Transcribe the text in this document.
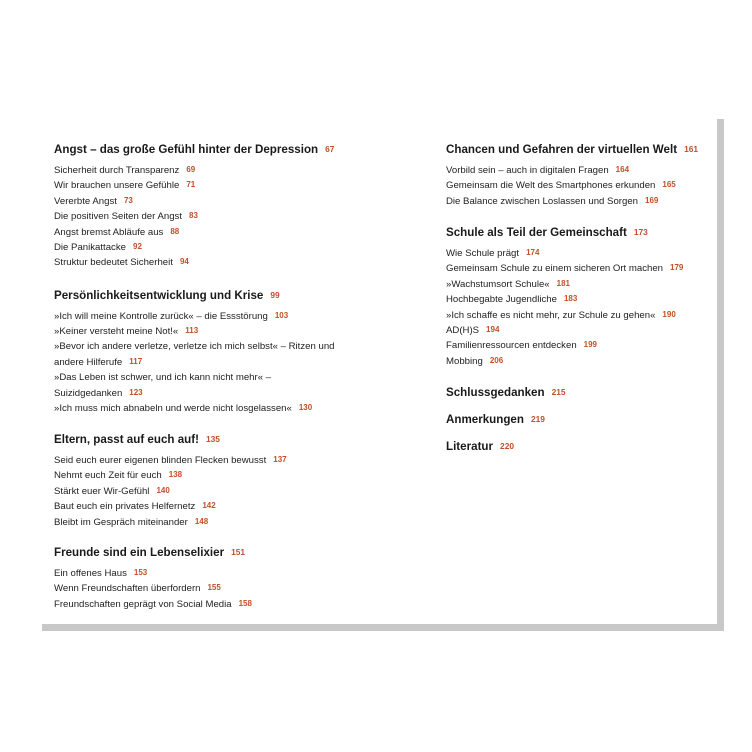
Angst – das große Gefühl hinter der Depression 67
Sicherheit durch Transparenz 69
Wir brauchen unsere Gefühle 71
Vererbte Angst 73
Die positiven Seiten der Angst 83
Angst bremst Abläufe aus 88
Die Panikattacke 92
Struktur bedeutet Sicherheit 94
Persönlichkeitsentwicklung und Krise 99
»Ich will meine Kontrolle zurück« – die Essstörung 103
»Keiner versteht meine Not!« 113
»Bevor ich andere verletze, verletze ich mich selbst« – Ritzen und
andere Hilferufe 117
»Das Leben ist schwer, und ich kann nicht mehr« –
Suizidgedanken 123
»Ich muss mich abnabeln und werde nicht losgelassen« 130
Eltern, passt auf euch auf! 135
Seid euch eurer eigenen blinden Flecken bewusst 137
Nehmt euch Zeit für euch 138
Stärkt euer Wir-Gefühl 140
Baut euch ein privates Helfernetz 142
Bleibt im Gespräch miteinander 148
Freunde sind ein Lebenselixier 151
Ein offenes Haus 153
Wenn Freundschaften überfordern 155
Freundschaften geprägt von Social Media 158
Chancen und Gefahren der virtuellen Welt 161
Vorbild sein – auch in digitalen Fragen 164
Gemeinsam die Welt des Smartphones erkunden 165
Die Balance zwischen Loslassen und Sorgen 169
Schule als Teil der Gemeinschaft 173
Wie Schule prägt 174
Gemeinsam Schule zu einem sicheren Ort machen 179
»Wachstumsort Schule« 181
Hochbegabte Jugendliche 183
»Ich schaffe es nicht mehr, zur Schule zu gehen« 190
AD(H)S 194
Familienressourcen entdecken 199
Mobbing 206
Schlussgedanken 215
Anmerkungen 219
Literatur 220
